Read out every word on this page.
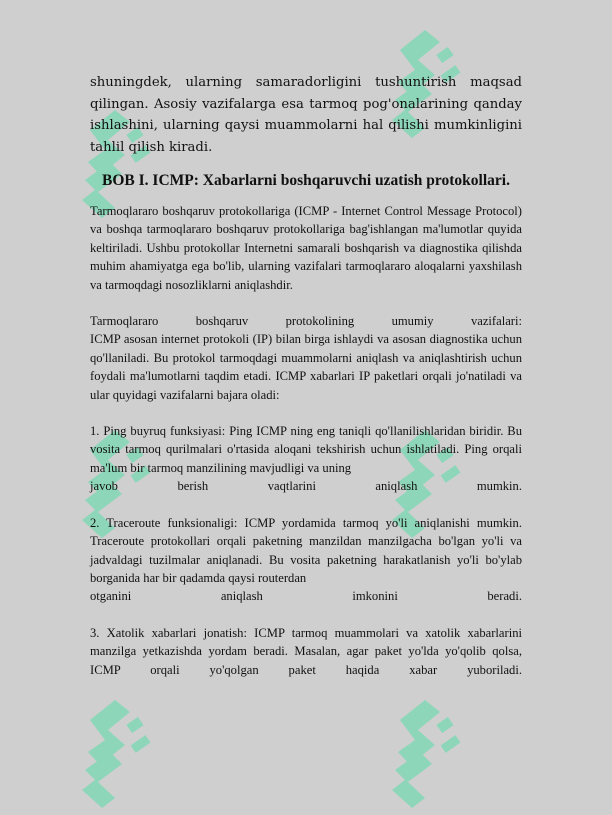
shuningdek, ularning samaradorligini tushuntirish maqsad qilingan. Asosiy vazifalarga esa tarmoq pog'onalarining qanday ishlashini, ularning qaysi muammolarni hal qilishi mumkinligini tahlil qilish kiradi.

BOB I. ICMP: Xabarlarni boshqaruvchi uzatish protokollari.

Tarmoqlararo boshqaruv protokollariga (ICMP - Internet Control Message Protocol) va boshqa tarmoqlararo boshqaruv protokollariga bag'ishlangan ma'lumotlar quyida keltiriladi. Ushbu protokollar Internetni samarali boshqarish va diagnostika qilishda muhim ahamiyatga ega bo'lib, ularning vazifalari tarmoqlararo aloqalarni yaxshilash va tarmoqdagi nosozliklarni aniqlashdir.

Tarmoqlararo boshqaruv protokolining umumiy vazifalari:
ICMP asosan internet protokoli (IP) bilan birga ishlaydi va asosan diagnostika uchun qo'llaniladi. Bu protokol tarmoqdagi muammolarni aniqlash va aniqlashtirish uchun foydali ma'lumotlarni taqdim etadi. ICMP xabarlari IP paketlari orqali jo'natiladi va ular quyidagi vazifalarni bajara oladi:

1. Ping buyruq funksiyasi: Ping ICMP ning eng taniqli qo'llanilishlaridan biridir. Bu vosita tarmoq qurilmalari o'rtasida aloqani tekshirish uchun ishlatiladi. Ping orqali ma'lum bir tarmoq manzilining mavjudligi va uning
javob berish vaqtlarini aniqlash mumkin.

2. Traceroute funksionaligi: ICMP yordamida tarmoq yo'li aniqlanishi mumkin. Traceroute protokollari orqali paketning manzildan manzilgacha bo'lgan yo'li va jadvaldagi tuzilmalar aniqlanadi. Bu vosita paketning harakatlanish yo'li bo'ylab borganida har bir qadamda qaysi routerdan
otganini aniqlash imkonini beradi.

3. Xatolik xabarlari jonatish: ICMP tarmoq muammolari va xatolik xabarlarini manzilga yetkazishda yordam beradi. Masalan, agar paket yo'lda yo'qolib qolsa, ICMP orqali yo'qolgan paket haqida xabar yuboriladi.
